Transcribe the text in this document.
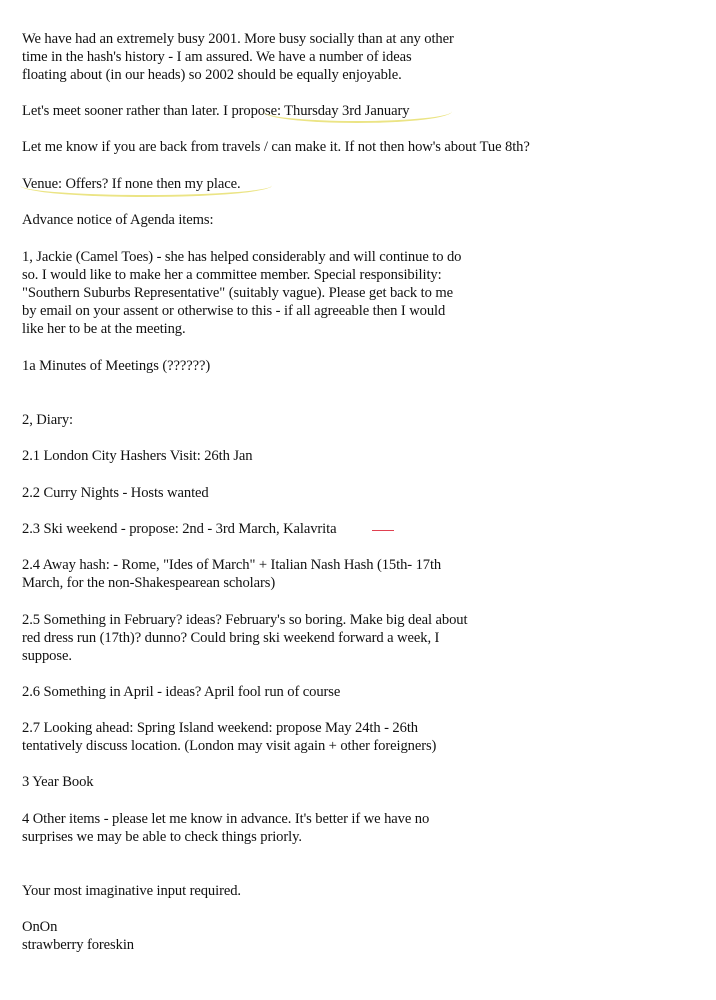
We have had an extremely busy 2001. More busy socially than at any other
time in the hash's history - I am assured. We have a number of ideas
floating about (in our heads) so 2002 should be equally enjoyable.
Let's meet sooner rather than later. I propose: Thursday 3rd January
Let me know if you are back from travels / can make it. If not then how's about Tue 8th?
Venue: Offers? If none then my place.
Advance notice of Agenda items:
1, Jackie (Camel Toes) - she has helped considerably and will continue to do
so. I would like to make her a committee member. Special responsibility:
"Southern Suburbs Representative" (suitably vague). Please get back to me
by email on your assent or otherwise to this - if all agreeable then I would
like her to be at the meeting.
1a Minutes of Meetings (??????)
2, Diary:
2.1 London City Hashers Visit: 26th Jan
2.2 Curry Nights - Hosts wanted
2.3 Ski weekend - propose: 2nd - 3rd March, Kalavrita
2.4 Away hash: - Rome, "Ides of March" + Italian Nash Hash (15th- 17th
March, for the non-Shakespearean scholars)
2.5 Something in February? ideas? February's so boring. Make big deal about
red dress run (17th)? dunno? Could bring ski weekend forward a week, I
suppose.
2.6 Something in April - ideas? April fool run of course
2.7 Looking ahead: Spring Island weekend: propose May 24th - 26th
tentatively discuss location. (London may visit again + other foreigners)
3 Year Book
4 Other items - please let me know in advance. It's better if we have no
surprises we may be able to check things priorly.
Your most imaginative input required.
OnOn
strawberry foreskin
